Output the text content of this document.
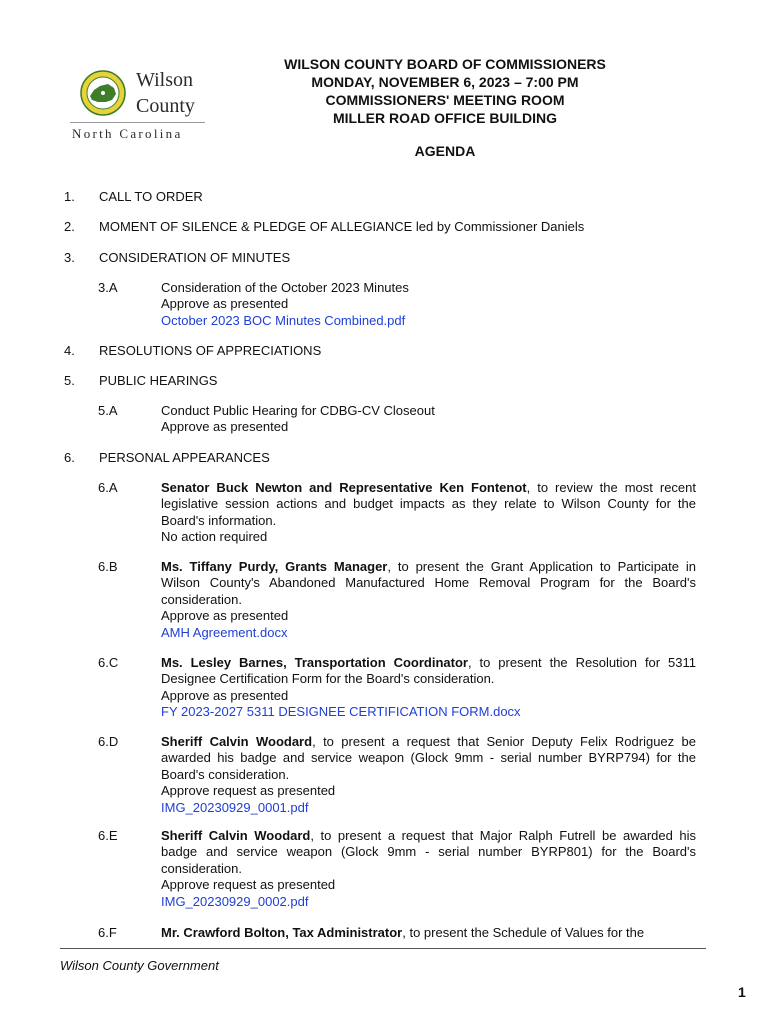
Wilson
County
North Carolina
WILSON COUNTY BOARD OF COMMISSIONERS
MONDAY, NOVEMBER 6, 2023 – 7:00 PM
COMMISSIONERS' MEETING ROOM
MILLER ROAD OFFICE BUILDING
AGENDA
1.	CALL TO ORDER
2.	MOMENT OF SILENCE & PLEDGE OF ALLEGIANCE led by Commissioner Daniels
3.	CONSIDERATION OF MINUTES
3.A	Consideration of the October 2023 Minutes
Approve as presented
October 2023 BOC Minutes Combined.pdf
4.	RESOLUTIONS OF APPRECIATIONS
5.	PUBLIC HEARINGS
5.A	Conduct Public Hearing for CDBG-CV Closeout
Approve as presented
6.	PERSONAL APPEARANCES
6.A	Senator Buck Newton and Representative Ken Fontenot, to review the most recent legislative session actions and budget impacts as they relate to Wilson County for the Board's information.
No action required
6.B	Ms. Tiffany Purdy, Grants Manager, to present the Grant Application to Participate in Wilson County's Abandoned Manufactured Home Removal Program for the Board's consideration.
Approve as presented
AMH Agreement.docx
6.C	Ms. Lesley Barnes, Transportation Coordinator, to present the Resolution for 5311 Designee Certification Form for the Board's consideration.
Approve as presented
FY 2023-2027 5311 DESIGNEE CERTIFICATION FORM.docx
6.D	Sheriff Calvin Woodard, to present a request that Senior Deputy Felix Rodriguez be awarded his badge and service weapon (Glock 9mm - serial number BYRP794) for the Board's consideration.
Approve request as presented
IMG_20230929_0001.pdf
6.E	Sheriff Calvin Woodard, to present a request that Major Ralph Futrell be awarded his badge and service weapon (Glock 9mm - serial number BYRP801) for the Board's consideration.
Approve request as presented
IMG_20230929_0002.pdf
6.F	Mr. Crawford Bolton, Tax Administrator, to present the Schedule of Values for the
Wilson County Government
1
